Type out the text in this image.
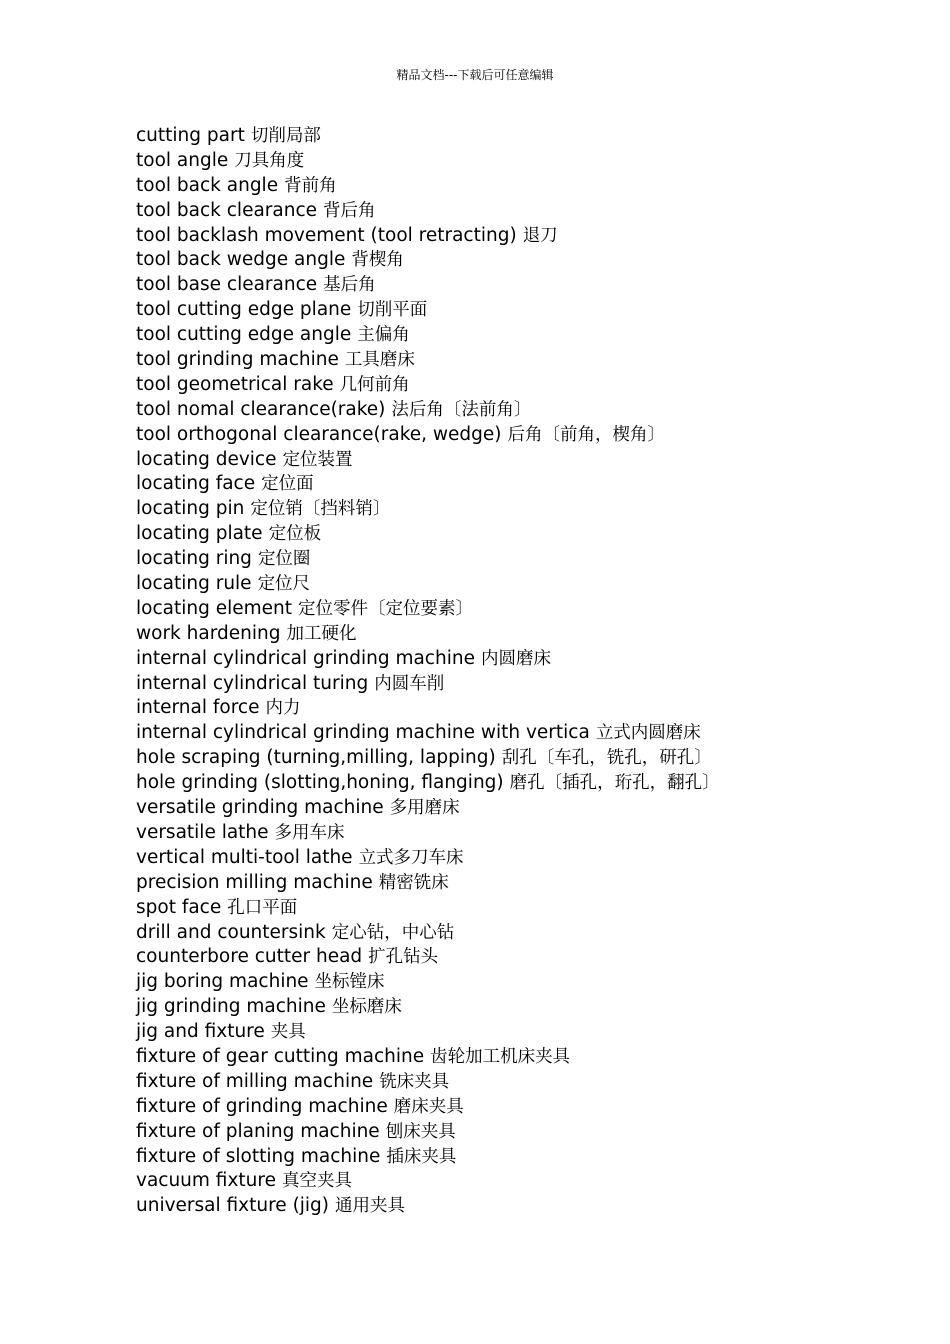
精品文档---下载后可任意编辑
cutting part 切削局部
tool angle 刀具角度
tool back angle 背前角
tool back clearance 背后角
tool backlash movement (tool retracting) 退刀
tool back wedge angle 背楔角
tool base clearance 基后角
tool cutting edge plane 切削平面
tool cutting edge angle 主偏角
tool grinding machine 工具磨床
tool geometrical rake 几何前角
tool nomal clearance(rake) 法后角〔法前角〕
tool orthogonal clearance(rake, wedge) 后角〔前角，楔角〕
locating device 定位装置
locating face 定位面
locating pin 定位销〔挡料销〕
locating plate 定位板
locating ring 定位圈
locating rule 定位尺
locating element 定位零件〔定位要素〕
work hardening 加工硬化
internal cylindrical grinding machine 内圆磨床
internal cylindrical turing 内圆车削
internal force 内力
internal cylindrical grinding machine with vertica 立式内圆磨床
hole scraping (turning,milling, lapping) 刮孔〔车孔，铣孔，研孔〕
hole grinding (slotting,honing, flanging) 磨孔〔插孔，珩孔，翻孔〕
versatile grinding machine 多用磨床
versatile lathe 多用车床
vertical multi-tool lathe 立式多刀车床
precision milling machine 精密铣床
spot face 孔口平面
drill and countersink 定心钻，中心钻
counterbore cutter head 扩孔钻头
jig boring machine 坐标镗床
jig grinding machine 坐标磨床
jig and fixture 夹具
fixture of gear cutting machine 齿轮加工机床夹具
fixture of milling machine 铣床夹具
fixture of grinding machine 磨床夹具
fixture of planing machine 刨床夹具
fixture of slotting machine 插床夹具
vacuum fixture 真空夹具
universal fixture (jig) 通用夹具
